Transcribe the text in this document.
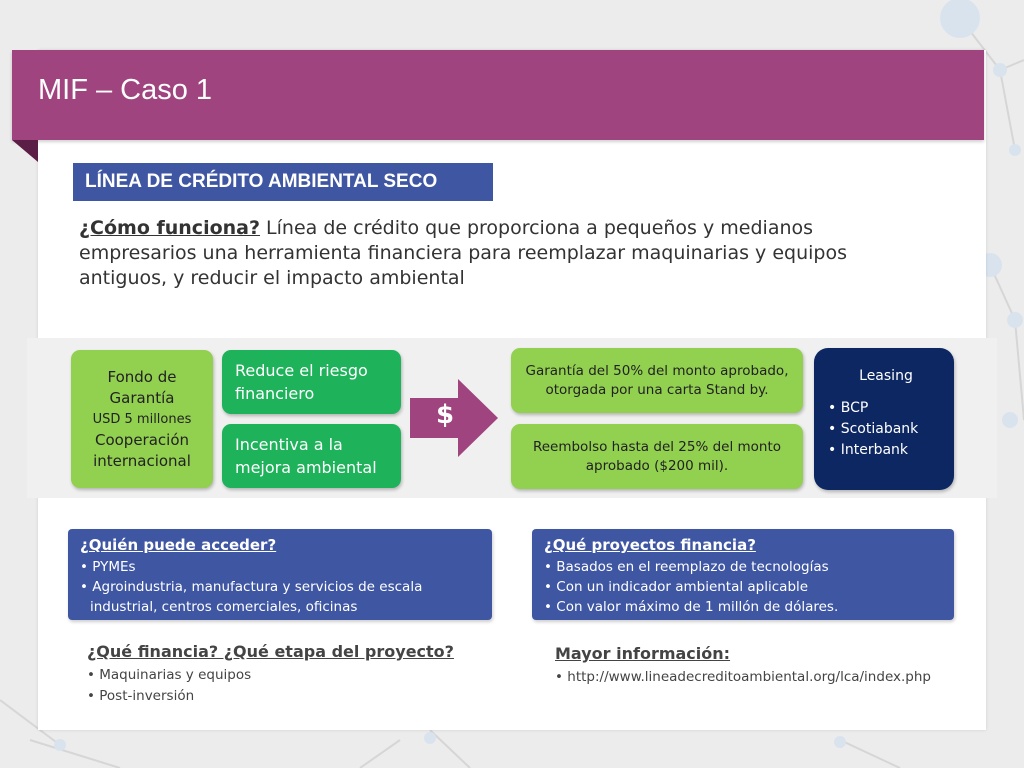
MIF – Caso 1
LÍNEA DE CRÉDITO AMBIENTAL SECO
¿Cómo funciona? Línea de crédito que proporciona a pequeños y medianos empresarios una herramienta financiera para reemplazar maquinarias y equipos antiguos, y reducir el impacto ambiental
Fondo de
Garantía
USD 5 millones
Cooperación
internacional
Reduce el riesgo financiero
Incentiva a la mejora ambiental
$
Garantía del 50% del monto aprobado, otorgada por una carta Stand by.
Reembolso hasta del 25% del monto aprobado ($200 mil).
Leasing
• BCP
• Scotiabank
• Interbank
¿Quién puede acceder?
• PYMEs
• Agroindustria, manufactura y servicios de escala industrial, centros comerciales, oficinas
¿Qué proyectos financia?
• Basados en el reemplazo de tecnologías
• Con un indicador ambiental aplicable
• Con valor máximo de 1 millón de dólares.
¿Qué financia? ¿Qué etapa del proyecto?
• Maquinarias y equipos
• Post-inversión
Mayor información:
• http://www.lineadecreditoambiental.org/lca/index.php
